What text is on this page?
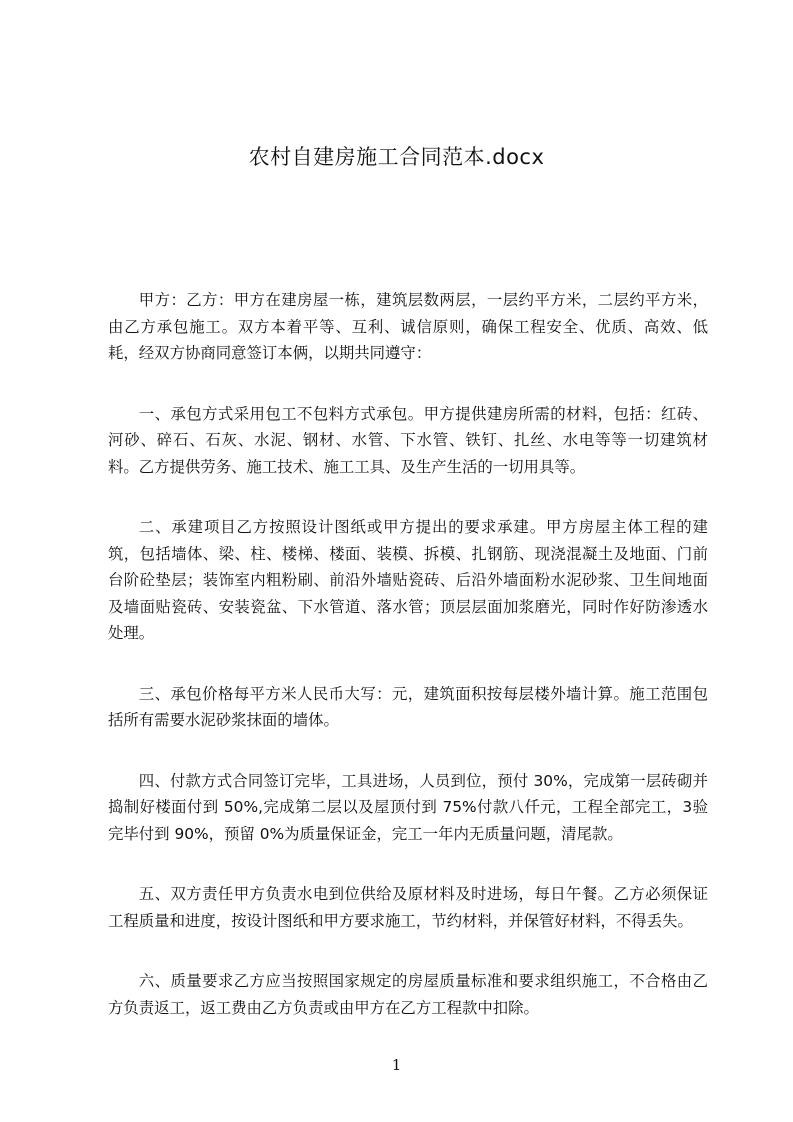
农村自建房施工合同范本.docx

甲方：乙方：甲方在建房屋一栋，建筑层数两层，一层约平方米，二层约平方米，由乙方承包施工。双方本着平等、互利、诚信原则，确保工程安全、优质、高效、低耗，经双方协商同意签订本俩，以期共同遵守：

一、承包方式采用包工不包料方式承包。甲方提供建房所需的材料，包括：红砖、河砂、碎石、石灰、水泥、钢材、水管、下水管、铁钉、扎丝、水电等等一切建筑材料。乙方提供劳务、施工技术、施工工具、及生产生活的一切用具等。

二、承建项目乙方按照设计图纸或甲方提出的要求承建。甲方房屋主体工程的建筑，包括墙体、梁、柱、楼梯、楼面、装模、拆模、扎钢筋、现浇混凝土及地面、门前台阶砼垫层；装饰室内粗粉刷、前沿外墙贴瓷砖、后沿外墙面粉水泥砂浆、卫生间地面及墙面贴瓷砖、安装瓷盆、下水管道、落水管；顶层层面加浆磨光，同时作好防渗透水处理。

三、承包价格每平方米人民币大写：元，建筑面积按每层楼外墙计算。施工范围包括所有需要水泥砂浆抹面的墙体。

四、付款方式合同签订完毕，工具进场，人员到位，预付 30%，完成第一层砖砌并捣制好楼面付到 50%,完成第二层以及屋顶付到 75%付款八仟元，工程全部完工，3验完毕付到 90%，预留 0%为质量保证金，完工一年内无质量问题，清尾款。

五、双方责任甲方负责水电到位供给及原材料及时进场，每日午餐。乙方必须保证工程质量和进度，按设计图纸和甲方要求施工，节约材料，并保管好材料，不得丢失。

六、质量要求乙方应当按照国家规定的房屋质量标准和要求组织施工，不合格由乙方负责返工，返工费由乙方负责或由甲方在乙方工程款中扣除。

1
